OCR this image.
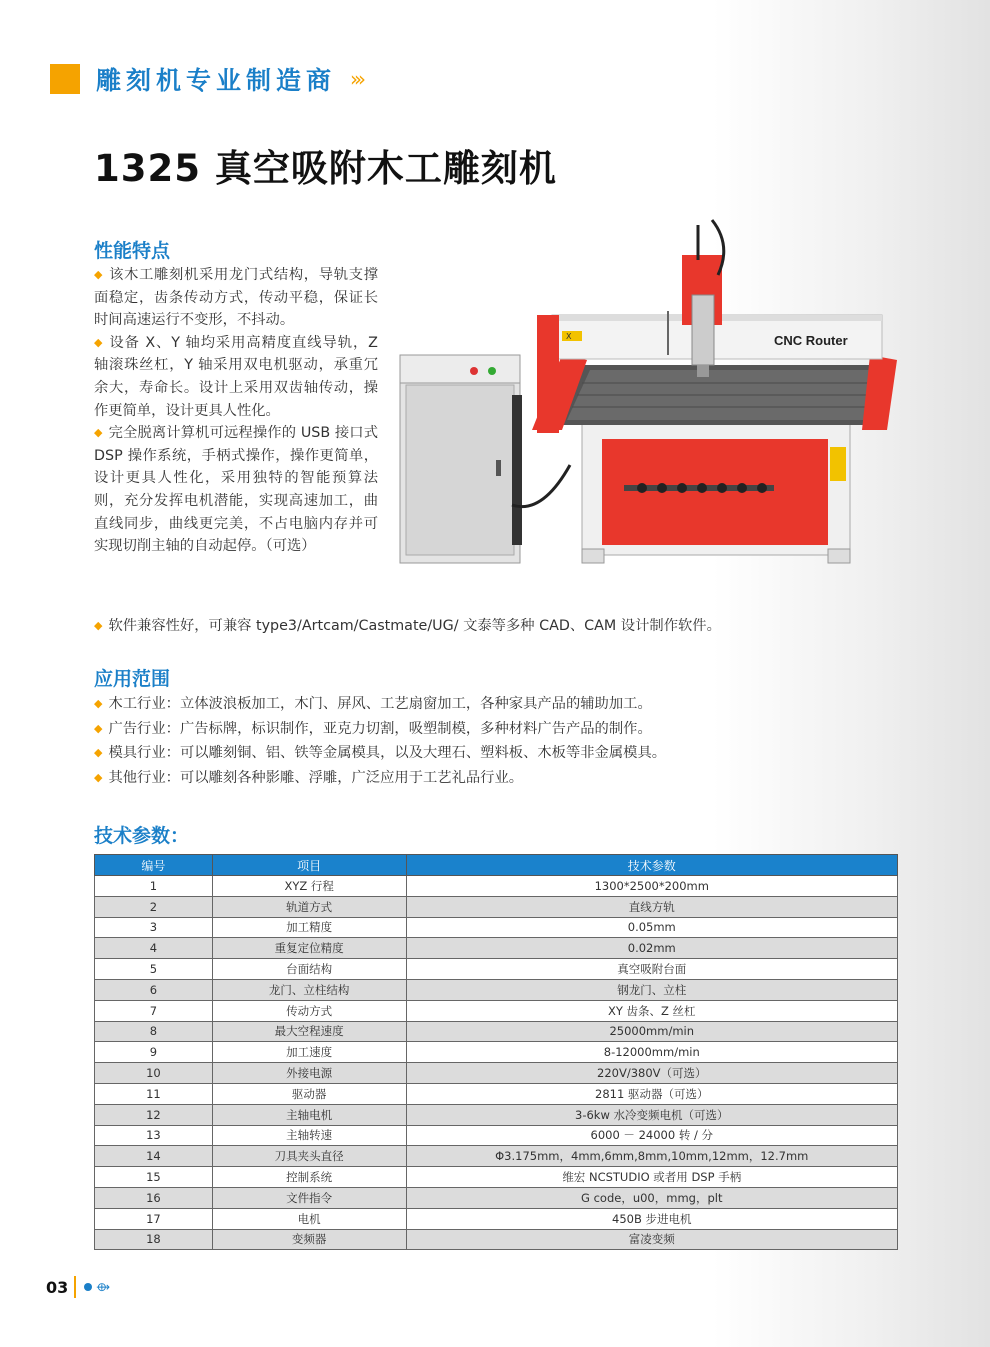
雕刻机专业制造商 ›››
1325 真空吸附木工雕刻机
性能特点

◆ 该木工雕刻机采用龙门式结构，导轨支撑面稳定，齿条传动方式，传动平稳，保证长时间高速运行不变形，不抖动。

◆ 设备 X、Y 轴均采用高精度直线导轨，Z 轴滚珠丝杠，Y 轴采用双电机驱动，承重冗余大，寿命长。设计上采用双齿轴传动，操作更简单，设计更具人性化。

◆ 完全脱离计算机可远程操作的 USB 接口式 DSP 操作系统，手柄式操作，操作更简单，设计更具人性化，采用独特的智能预算法则，充分发挥电机潜能，实现高速加工，曲直线同步，曲线更完美，不占电脑内存并可实现切削主轴的自动起停。（可选）

◆ 软件兼容性好，可兼容 type3/Artcam/Castmate/UG/ 文泰等多种 CAD、CAM 设计制作软件。
X	CNC Router
应用范围
◆ 木工行业：立体波浪板加工，木门、屏风、工艺扇窗加工，各种家具产品的辅助加工。
◆ 广告行业：广告标牌，标识制作，亚克力切割，吸塑制模，多种材料广告产品的制作。
◆ 模具行业：可以雕刻铜、铝、铁等金属模具，以及大理石、塑料板、木板等非金属模具。
◆ 其他行业：可以雕刻各种影雕、浮雕，广泛应用于工艺礼品行业。
技术参数：
编号	项目	技术参数
1	XYZ 行程	1300*2500*200mm
2	轨道方式	直线方轨
3	加工精度	0.05mm
4	重复定位精度	0.02mm
5	台面结构	真空吸附台面
6	龙门、立柱结构	钢龙门、立柱
7	传动方式	XY 齿条、Z 丝杠
8	最大空程速度	25000mm/min
9	加工速度	8-12000mm/min
10	外接电源	220V/380V（可选）
11	驱动器	2811 驱动器（可选）
12	主轴电机	3-6kw 水冷变频电机（可选）
13	主轴转速	6000 － 24000 转 / 分
14	刀具夹头直径	Φ3.175mm，4mm,6mm,8mm,10mm,12mm，12.7mm
15	控制系统	维宏 NCSTUDIO 或者用 DSP 手柄
16	文件指令	G code，u00，mmg，plt
17	电机	450B 步进电机
18	变频器	富凌变频
03 ⟴
